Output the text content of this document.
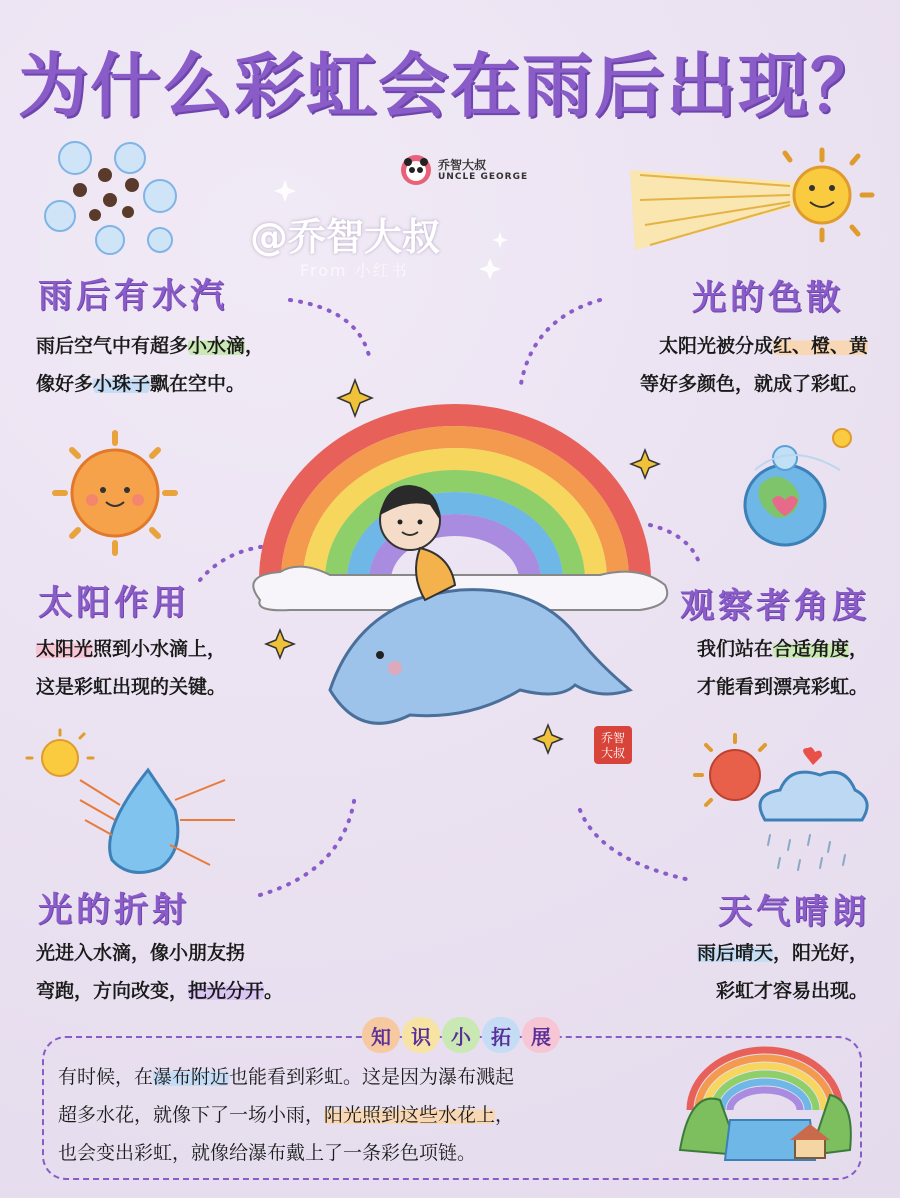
乔智
大叔
为什么彩虹会在雨后出现？
乔智大叔
UNCLE GEORGE
@乔智大叔
From 小红书
雨后有水汽
雨后空气中有超多小水滴，
像好多小珠子飘在空中。
光的色散
太阳光被分成红、橙、黄
等好多颜色，就成了彩虹。
太阳作用
太阳光照到小水滴上，
这是彩虹出现的关键。
观察者角度
我们站在合适角度，
才能看到漂亮彩虹。
光的折射
光进入水滴，像小朋友拐
弯跑，方向改变，把光分开。
天气晴朗
雨后晴天，阳光好，
彩虹才容易出现。
知	识	小	拓	展
有时候，在瀑布附近也能看到彩虹。这是因为瀑布溅起
超多水花，就像下了一场小雨，阳光照到这些水花上，
也会变出彩虹，就像给瀑布戴上了一条彩色项链。
